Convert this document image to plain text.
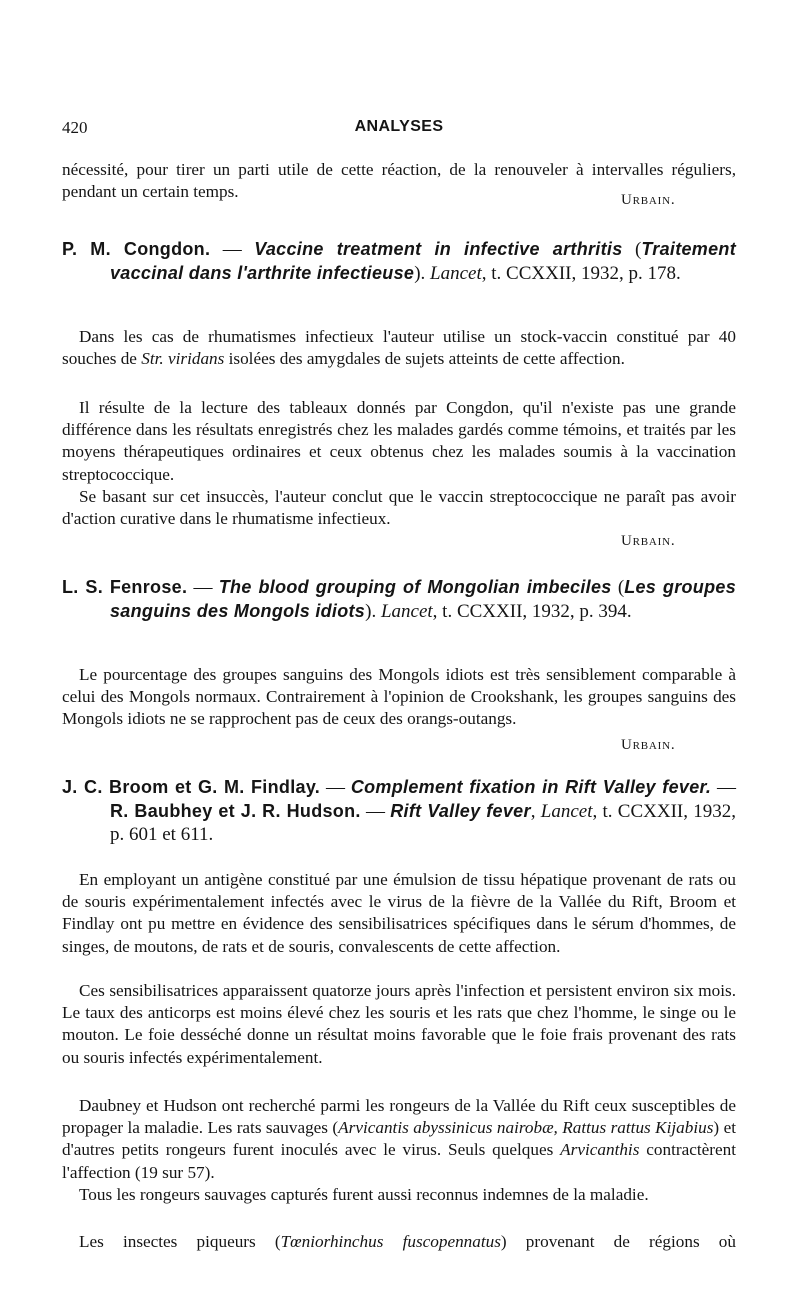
420	ANALYSES

nécessité, pour tirer un parti utile de cette réaction, de la renouveler à intervalles réguliers, pendant un certain temps.	Urbain.
P. M. Congdon. — Vaccine treatment in infective arthritis (Traitement vaccinal dans l'arthrite infectieuse). Lancet, t. CCXXII, 1932, p. 178.

Dans les cas de rhumatismes infectieux l'auteur utilise un stock-vaccin constitué par 40 souches de Str. viridans isolées des amygdales de sujets atteints de cette affection.

Il résulte de la lecture des tableaux donnés par Congdon, qu'il n'existe pas une grande différence dans les résultats enregistrés chez les malades gardés comme témoins, et traités par les moyens thérapeutiques ordinaires et ceux obtenus chez les malades soumis à la vaccination streptococcique.

Se basant sur cet insuccès, l'auteur conclut que le vaccin streptococcique ne paraît pas avoir d'action curative dans le rhumatisme infectieux.

Urbain.
L. S. Fenrose. — The blood grouping of Mongolian imbeciles (Les groupes sanguins des Mongols idiots). Lancet, t. CCXXII, 1932, p. 394.

Le pourcentage des groupes sanguins des Mongols idiots est très sensiblement comparable à celui des Mongols normaux. Contrairement à l'opinion de Crookshank, les groupes sanguins des Mongols idiots ne se rapprochent pas de ceux des orangs-outangs.

Urbain.
J. C. Broom et G. M. Findlay. — Complement fixation in Rift Valley fever. — R. Baubhey et J. R. Hudson. — Rift Valley fever, Lancet, t. CCXXII, 1932, p. 601 et 611.

En employant un antigène constitué par une émulsion de tissu hépatique provenant de rats ou de souris expérimentalement infectés avec le virus de la fièvre de la Vallée du Rift, Broom et Findlay ont pu mettre en évidence des sensibilisatrices spécifiques dans le sérum d'hommes, de singes, de moutons, de rats et de souris, convalescents de cette affection.

Ces sensibilisatrices apparaissent quatorze jours après l'infection et persistent environ six mois. Le taux des anticorps est moins élevé chez les souris et les rats que chez l'homme, le singe ou le mouton. Le foie desséché donne un résultat moins favorable que le foie frais provenant des rats ou souris infectés expérimentalement.

Daubney et Hudson ont recherché parmi les rongeurs de la Vallée du Rift ceux susceptibles de propager la maladie. Les rats sauvages (Arvicantis abyssinicus nairobæ, Rattus rattus Kijabius) et d'autres petits rongeurs furent inoculés avec le virus. Seuls quelques Arvicanthis contractèrent l'affection (19 sur 57).

Tous les rongeurs sauvages capturés furent aussi reconnus indemnes de la maladie.

Les insectes piqueurs (Tœniorhinchus fuscopennatus) provenant de régions où
